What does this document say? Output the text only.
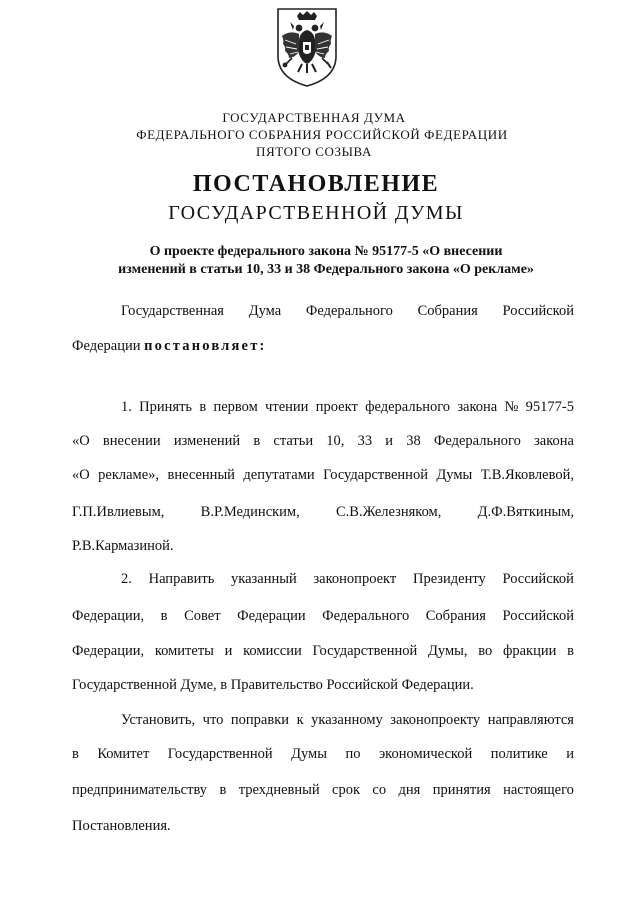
ГОСУДАРСТВЕННАЯ ДУМА
ФЕДЕРАЛЬНОГО СОБРАНИЯ РОССИЙСКОЙ ФЕДЕРАЦИИ
ПЯТОГО СОЗЫВА
ПОСТАНОВЛЕНИЕ
ГОСУДАРСТВЕННОЙ ДУМЫ
О проекте федерального закона № 95177-5 «О внесении
изменений в статьи 10, 33 и 38 Федерального закона «О рекламе»
Государственная Дума Федерального Собрания Российской
Федерации постановляет:
1. Принять в первом чтении проект федерального закона № 95177-5
«О внесении изменений в статьи 10, 33 и 38 Федерального закона
«О рекламе», внесенный депутатами Государственной Думы Т.В.Яковлевой,
Г.П.Ивлиевым,	В.Р.Мединским,	С.В.Железняком,	Д.Ф.Вяткиным,
Р.В.Кармазиной.
2. Направить указанный законопроект Президенту Российской
Федерации, в Совет Федерации Федерального Собрания Российской
Федерации, комитеты и комиссии Государственной Думы, во фракции в
Государственной Думе, в Правительство Российской Федерации.
Установить, что поправки к указанному законопроекту направляются
в Комитет Государственной Думы по экономической политике и
предпринимательству в трехдневный срок со дня принятия настоящего
Постановления.
